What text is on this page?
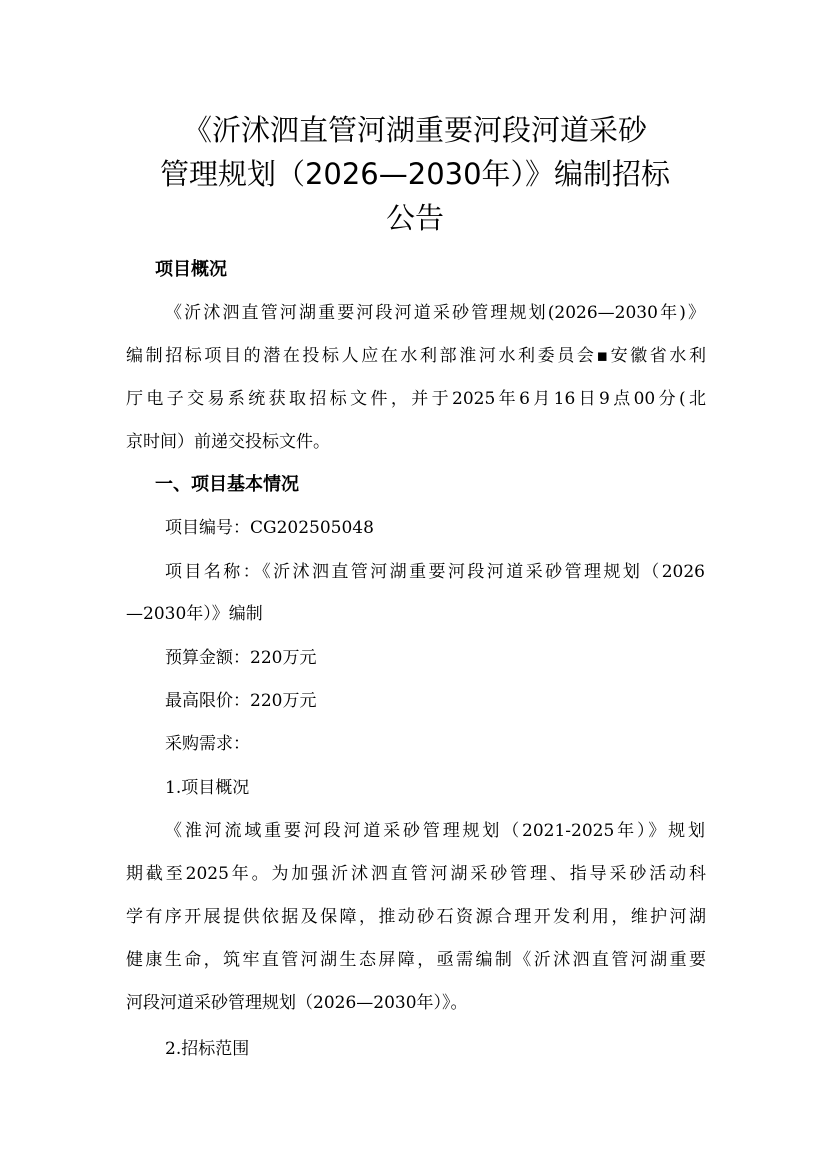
《沂沭泗直管河湖重要河段河道采砂
管理规划（2026—2030年）》编制招标
公告
项目概况
《沂沭泗直管河湖重要河段河道采砂管理规划(2026—2030年)》
编制招标项目的潜在投标人应在水利部淮河水利委员会▪安徽省水利
厅电子交易系统获取招标文件，并于2025年6月16日9点00分(北
京时间）前递交投标文件。
一、项目基本情况
项目编号：CG202505048
项目名称：《沂沭泗直管河湖重要河段河道采砂管理规划（2026
—2030年）》编制
预算金额：220万元
最高限价：220万元
采购需求：
1.项目概况
《淮河流域重要河段河道采砂管理规划（2021-2025年）》规划
期截至2025年。为加强沂沭泗直管河湖采砂管理、指导采砂活动科
学有序开展提供依据及保障，推动砂石资源合理开发利用，维护河湖
健康生命，筑牢直管河湖生态屏障，亟需编制《沂沭泗直管河湖重要
河段河道采砂管理规划（2026—2030年）》。
2.招标范围
